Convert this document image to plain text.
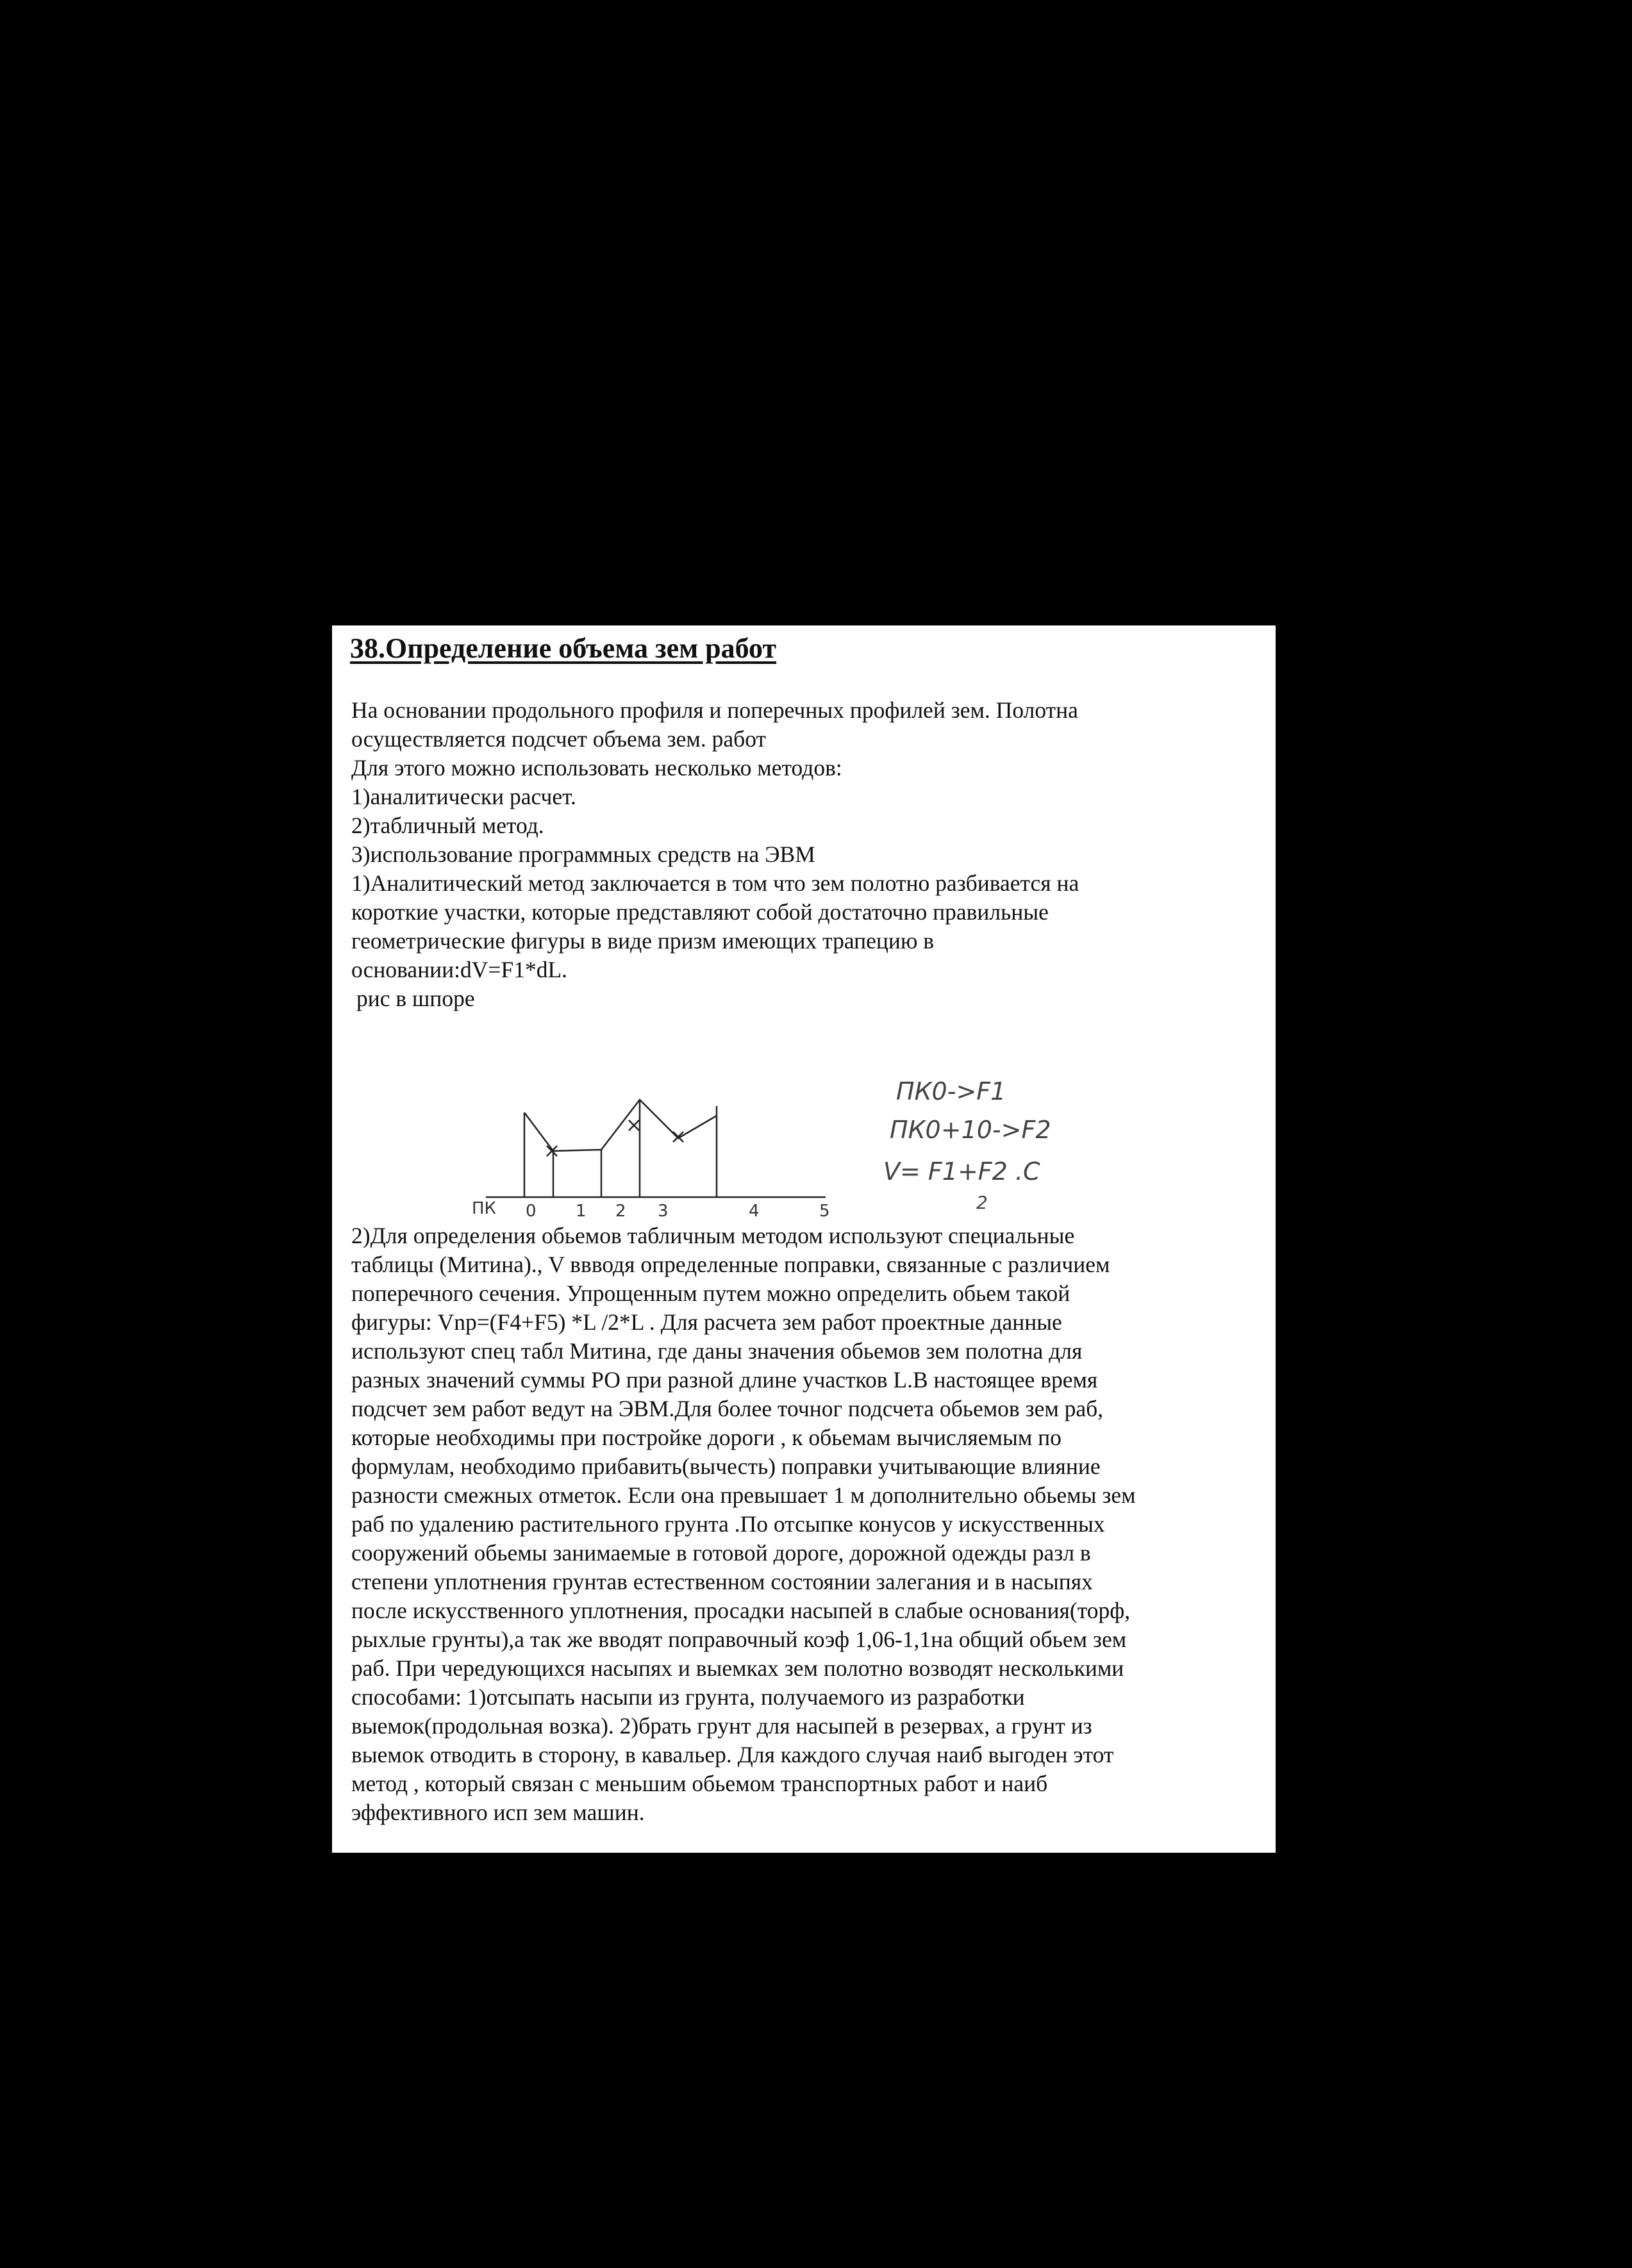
38.Определение объема зем работ
На основании продольного профиля и поперечных профилей зем. Полотна
осуществляется подсчет объема зем. работ
Для этого можно использовать несколько методов:
1)аналитически расчет.
2)табличный метод.
3)использование программных средств на ЭВМ
1)Аналитический метод заключается в том что зем полотно разбивается на
короткие участки, которые представляют собой достаточно правильные
геометрические фигуры в виде призм имеющих трапецию в
основании:dV=F1*dL.
рис в шпоре
ПК 0 1 2 3	4	5
ПК0->F1
ПК0+10->F2
V= F1+F2 .C
2
2)Для определения обьемов табличным методом используют специальные
таблицы (Митина)., V ввводя определенные поправки, связанные с различием
поперечного сечения. Упрощенным путем можно определить обьем такой
фигуры: Vnp=(F4+F5) *L /2*L . Для расчета зем работ проектные данные
используют спец табл Митина, где даны значения обьемов зем полотна для
разных значений суммы РО при разной длине участков L.В настоящее время
подсчет зем работ ведут на ЭВМ.Для более точног подсчета обьемов зем раб,
которые необходимы при постройке дороги , к обьемам вычисляемым по
формулам, необходимо прибавить(вычесть) поправки учитывающие влияние
разности смежных отметок. Если она превышает 1 м дополнительно обьемы зем
раб по удалению растительного грунта .По отсыпке конусов у искусственных
сооружений обьемы занимаемые в готовой дороге, дорожной одежды разл в
степени уплотнения грунтав естественном состоянии залегания и в насыпях
после искусственного уплотнения, просадки насыпей в слабые основания(торф,
рыхлые грунты),а так же вводят поправочный коэф 1,06-1,1на общий обьем зем
раб. При чередующихся насыпях и выемках зем полотно возводят несколькими
способами: 1)отсыпать насыпи из грунта, получаемого из разработки
выемок(продольная возка). 2)брать грунт для насыпей в резервах, а грунт из
выемок отводить в сторону, в кавальер. Для каждого случая наиб выгоден этот
метод , который связан с меньшим обьемом транспортных работ и наиб
эффективного исп зем машин.
